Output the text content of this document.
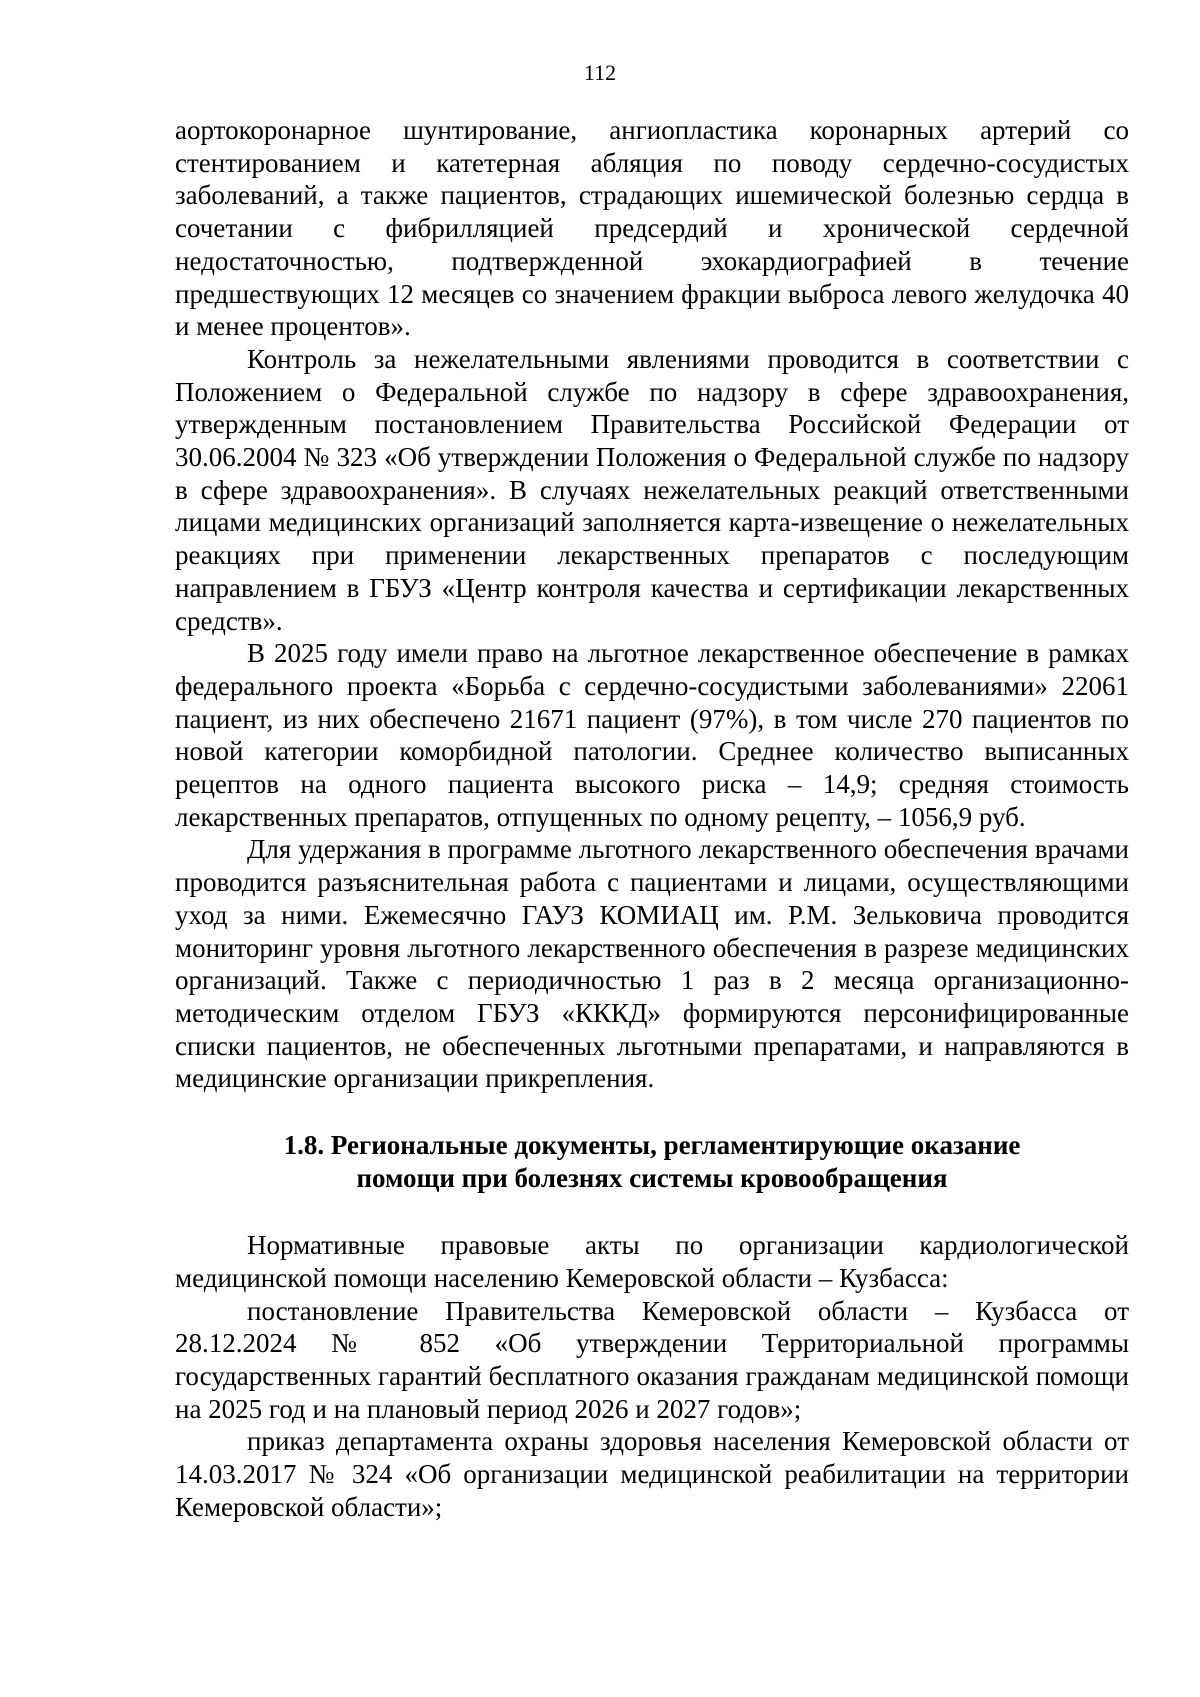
112

аортокоронарное шунтирование, ангиопластика коронарных артерий со стентированием и катетерная абляция по поводу сердечно-сосудистых заболеваний, а также пациентов, страдающих ишемической болезнью сердца в сочетании с фибрилляцией предсердий и хронической сердечной недостаточностью, подтвержденной эхокардиографией в течение предшествующих 12 месяцев со значением фракции выброса левого желудочка 40 и менее процентов».

Контроль за нежелательными явлениями проводится в соответствии с Положением о Федеральной службе по надзору в сфере здравоохранения, утвержденным постановлением Правительства Российской Федерации от 30.06.2004 № 323 «Об утверждении Положения о Федеральной службе по надзору в сфере здравоохранения». В случаях нежелательных реакций ответственными лицами медицинских организаций заполняется карта-извещение о нежелательных реакциях при применении лекарственных препаратов с последующим направлением в ГБУЗ «Центр контроля качества и сертификации лекарственных средств».

В 2025 году имели право на льготное лекарственное обеспечение в рамках федерального проекта «Борьба с сердечно-сосудистыми заболеваниями» 22061 пациент, из них обеспечено 21671 пациент (97%), в том числе 270 пациентов по новой категории коморбидной патологии. Среднее количество выписанных рецептов на одного пациента высокого риска – 14,9; средняя стоимость лекарственных препаратов, отпущенных по одному рецепту, – 1056,9 руб.

Для удержания в программе льготного лекарственного обеспечения врачами проводится разъяснительная работа с пациентами и лицами, осуществляющими уход за ними. Ежемесячно ГАУЗ КОМИАЦ им. Р.М. Зельковича проводится мониторинг уровня льготного лекарственного обеспечения в разрезе медицинских организаций. Также с периодичностью 1 раз в 2 месяца организационно-методическим отделом ГБУЗ «КККД» формируются персонифицированные списки пациентов, не обеспеченных льготными препаратами, и направляются в медицинские организации прикрепления.

1.8. Региональные документы, регламентирующие оказание
помощи при болезнях системы кровообращения

Нормативные правовые акты по организации кардиологической медицинской помощи населению Кемеровской области – Кузбасса:

постановление Правительства Кемеровской области – Кузбасса от 28.12.2024 № 852 «Об утверждении Территориальной программы государственных гарантий бесплатного оказания гражданам медицинской помощи на 2025 год и на плановый период 2026 и 2027 годов»;

приказ департамента охраны здоровья населения Кемеровской области от 14.03.2017 № 324 «Об организации медицинской реабилитации на территории Кемеровской области»;
